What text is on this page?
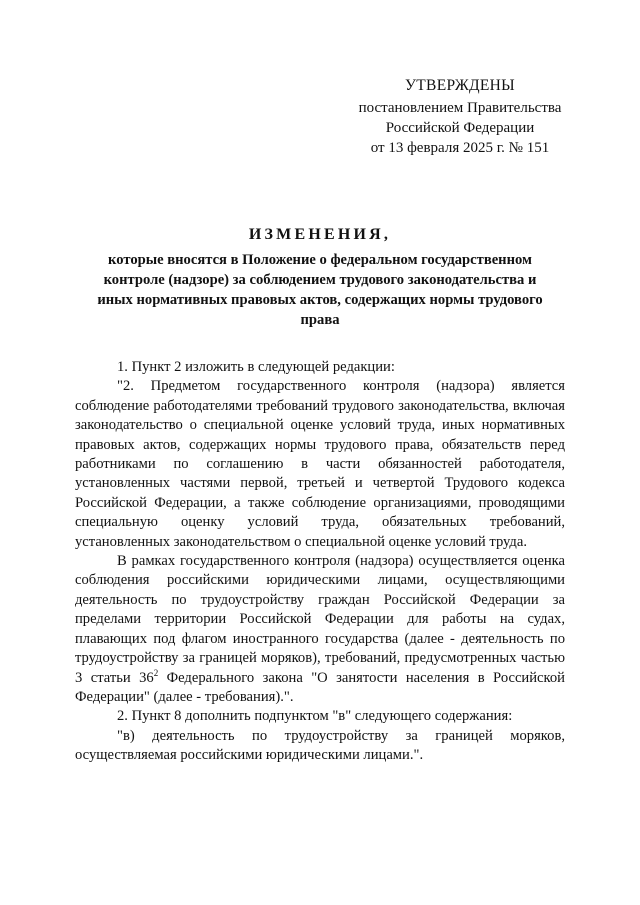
УТВЕРЖДЕНЫ
постановлением Правительства
Российской Федерации
от 13 февраля 2025 г. № 151
ИЗМЕНЕНИЯ,
которые вносятся в Положение о федеральном государственном контроле (надзоре) за соблюдением трудового законодательства и иных нормативных правовых актов, содержащих нормы трудового права

1. Пункт 2 изложить в следующей редакции:

"2. Предметом государственного контроля (надзора) является соблюдение работодателями требований трудового законодательства, включая законодательство о специальной оценке условий труда, иных нормативных правовых актов, содержащих нормы трудового права, обязательств перед работниками по соглашению в части обязанностей работодателя, установленных частями первой, третьей и четвертой Трудового кодекса Российской Федерации, а также соблюдение организациями, проводящими специальную оценку условий труда, обязательных требований, установленных законодательством о специальной оценке условий труда.

В рамках государственного контроля (надзора) осуществляется оценка соблюдения российскими юридическими лицами, осуществляющими деятельность по трудоустройству граждан Российской Федерации за пределами территории Российской Федерации для работы на судах, плавающих под флагом иностранного государства (далее - деятельность по трудоустройству за границей моряков), требований, предусмотренных частью 3 статьи $36^2$ Федерального закона "О занятости населения в Российской Федерации" (далее - требования).".

2. Пункт 8 дополнить подпунктом "в" следующего содержания:

"в) деятельность по трудоустройству за границей моряков, осуществляемая российскими юридическими лицами.".
